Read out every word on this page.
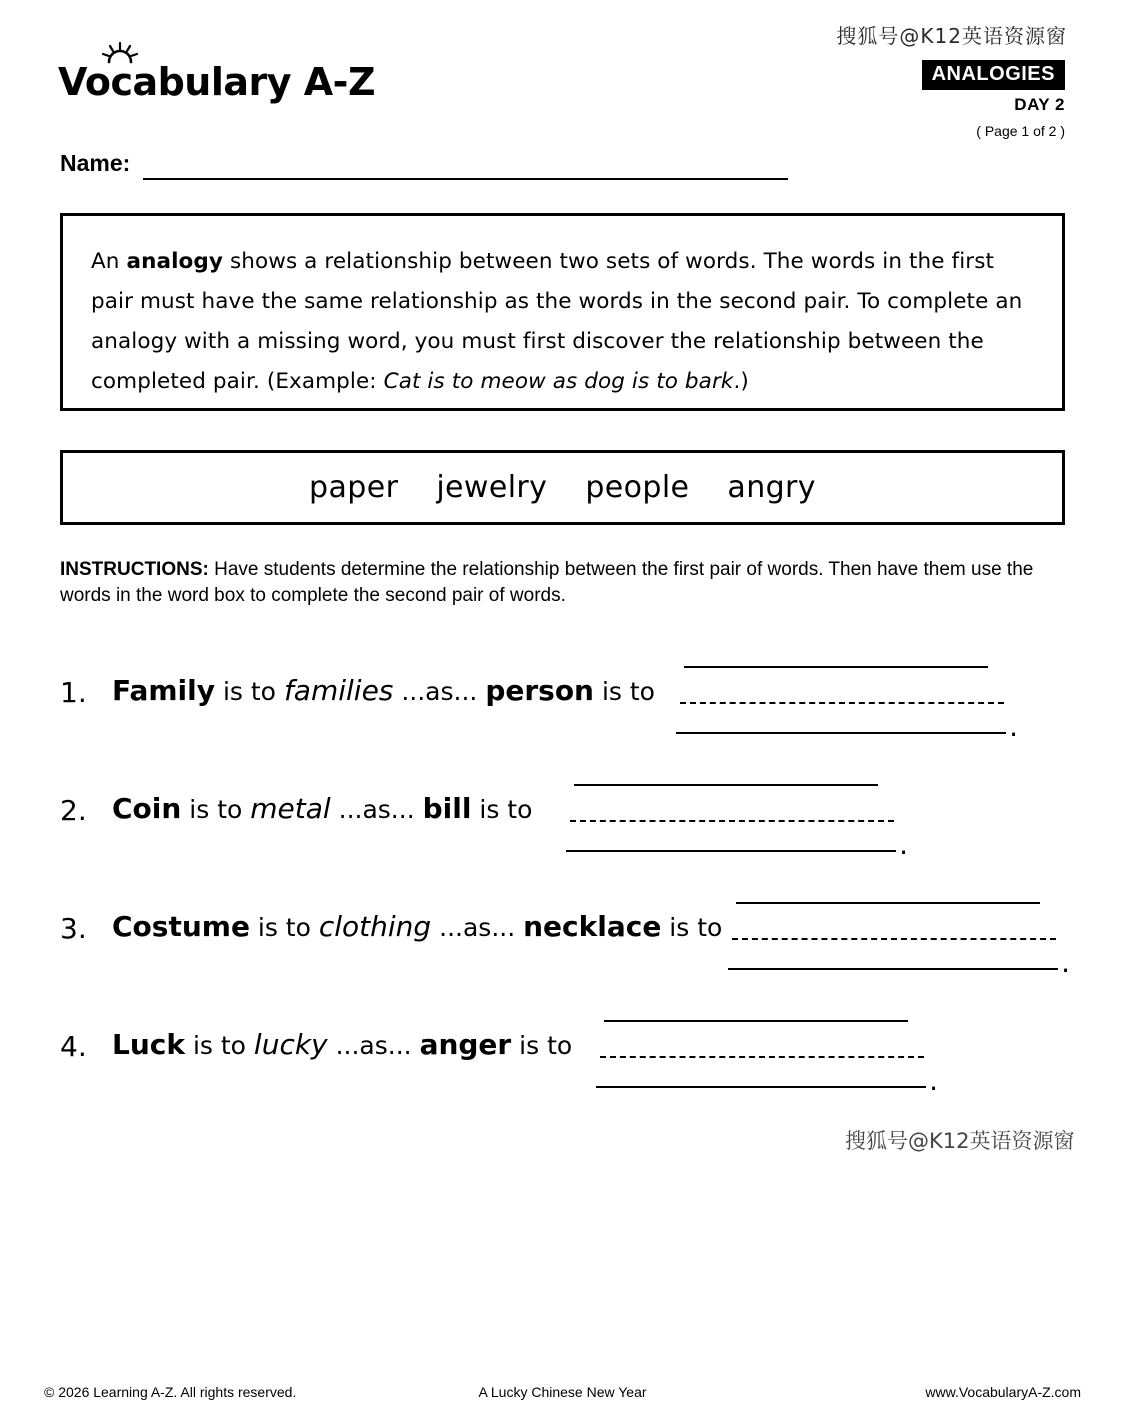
Vocabulary A-Z
搜狐号@K12英语资源窗
ANALOGIES
DAY 2
( Page 1 of 2 )
Name:
An analogy shows a relationship between two sets of words. The words in the first pair must have the same relationship as the words in the second pair. To complete an analogy with a missing word, you must first discover the relationship between the completed pair. (Example: Cat is to meow as dog is to bark.)
paper jewelry people angry
INSTRUCTIONS: Have students determine the relationship between the first pair of words. Then have them use the words in the word box to complete the second pair of words.
1. Family is to families ...as... person is to
.
2. Coin is to metal ...as... bill is to
.
3. Costume is to clothing ...as... necklace is to
.
4. Luck is to lucky ...as... anger is to
.
搜狐号@K12英语资源窗
© 2026 Learning A-Z. All rights reserved.	A Lucky Chinese New Year	www.VocabularyA-Z.com
